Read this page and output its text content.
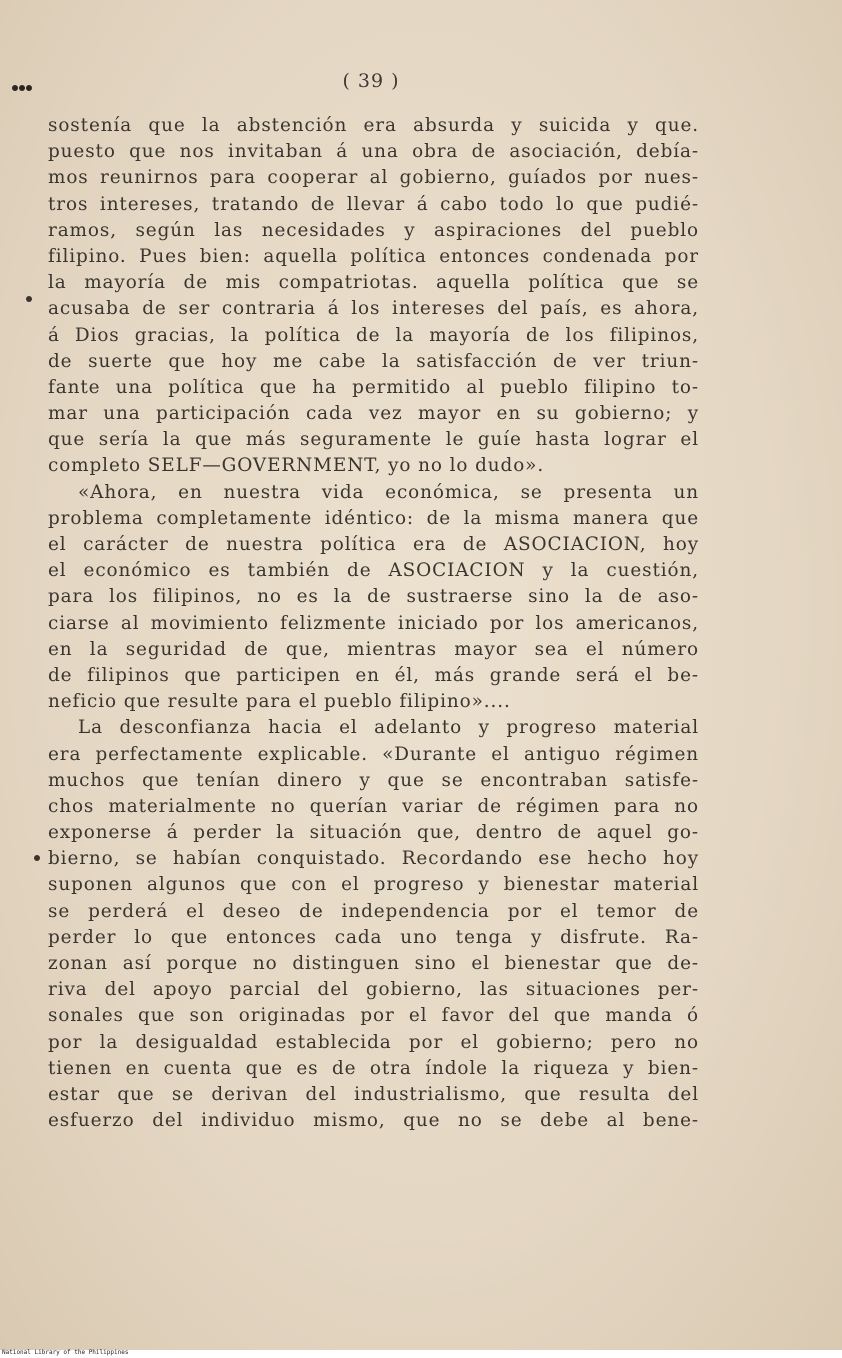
( 39 )
sostenía que la abstención era absurda y suicida y que.
puesto que nos invitaban á una obra de asociación, debía-
mos reunirnos para cooperar al gobierno, guíados por nues-
tros intereses, tratando de llevar á cabo todo lo que pudié-
ramos, según las necesidades y aspiraciones del pueblo
filipino. Pues bien: aquella política entonces condenada por
la mayoría de mis compatriotas. aquella política que se
acusaba de ser contraria á los intereses del país, es ahora,
á Dios gracias, la política de la mayoría de los filipinos,
de suerte que hoy me cabe la satisfacción de ver triun-
fante una política que ha permitido al pueblo filipino to-
mar una participación cada vez mayor en su gobierno; y
que sería la que más seguramente le guíe hasta lograr el
completo SELF—GOVERNMENT, yo no lo dudo».
«Ahora, en nuestra vida económica, se presenta un
problema completamente idéntico: de la misma manera que
el carácter de nuestra política era de ASOCIACION, hoy
el económico es también de ASOCIACION y la cuestión,
para los filipinos, no es la de sustraerse sino la de aso-
ciarse al movimiento felizmente iniciado por los americanos,
en la seguridad de que, mientras mayor sea el número
de filipinos que participen en él, más grande será el be-
neficio que resulte para el pueblo filipino»....
La desconfianza hacia el adelanto y progreso material
era perfectamente explicable. «Durante el antiguo régimen
muchos que tenían dinero y que se encontraban satisfe-
chos materialmente no querían variar de régimen para no
exponerse á perder la situación que, dentro de aquel go-
bierno, se habían conquistado. Recordando ese hecho hoy
suponen algunos que con el progreso y bienestar material
se perderá el deseo de independencia por el temor de
perder lo que entonces cada uno tenga y disfrute. Ra-
zonan así porque no distinguen sino el bienestar que de-
riva del apoyo parcial del gobierno, las situaciones per-
sonales que son originadas por el favor del que manda ó
por la desigualdad establecida por el gobierno; pero no
tienen en cuenta que es de otra índole la riqueza y bien-
estar que se derivan del industrialismo, que resulta del
esfuerzo del individuo mismo, que no se debe al bene-
National Library of the Philippines
